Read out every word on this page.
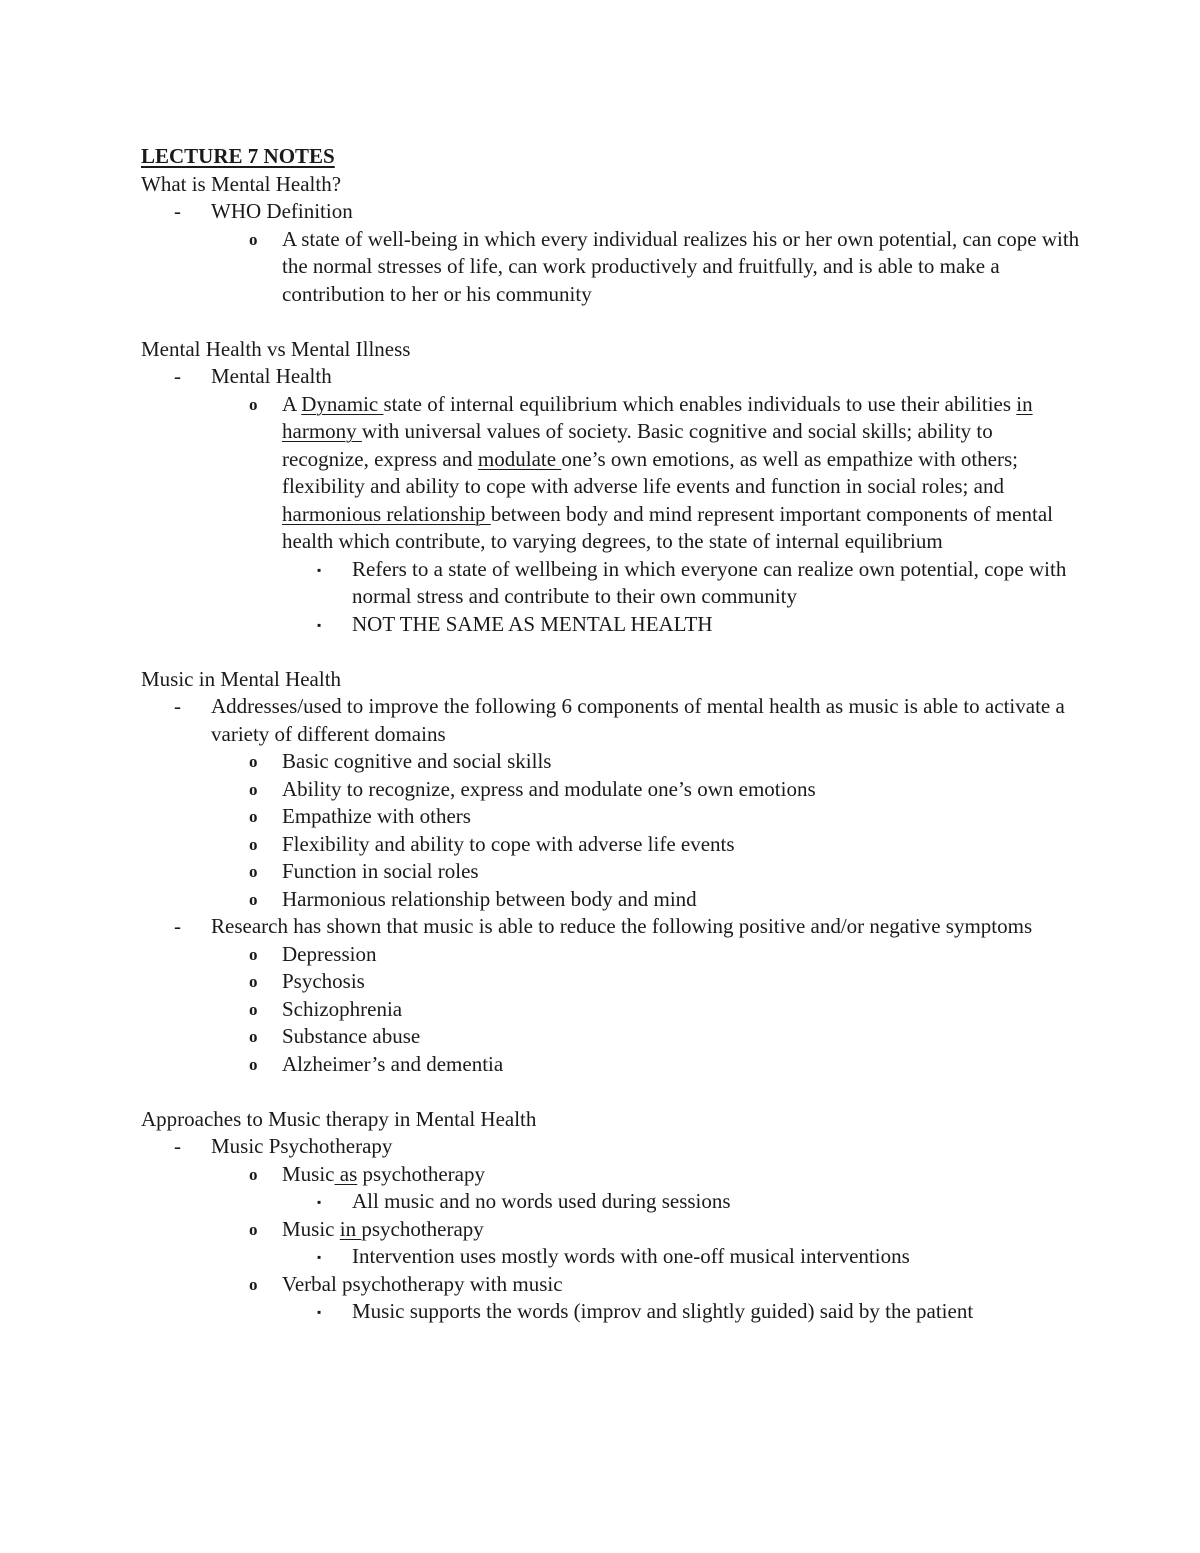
LECTURE 7 NOTES

What is Mental Health?

- WHO Definition
o A state of well-being in which every individual realizes his or her own potential, can cope with the normal stresses of life, can work productively and fruitfully, and is able to make a contribution to her or his community

Mental Health vs Mental Illness

- Mental Health
o A Dynamic state of internal equilibrium which enables individuals to use their abilities in harmony with universal values of society. Basic cognitive and social skills; ability to recognize, express and modulate one’s own emotions, as well as empathize with others; flexibility and ability to cope with adverse life events and function in social roles; and harmonious relationship between body and mind represent important components of mental health which contribute, to varying degrees, to the state of internal equilibrium
▪ Refers to a state of wellbeing in which everyone can realize own potential, cope with normal stress and contribute to their own community
▪ NOT THE SAME AS MENTAL HEALTH

Music in Mental Health

- Addresses/used to improve the following 6 components of mental health as music is able to activate a variety of different domains
o Basic cognitive and social skills
o Ability to recognize, express and modulate one’s own emotions
o Empathize with others
o Flexibility and ability to cope with adverse life events
o Function in social roles
o Harmonious relationship between body and mind
- Research has shown that music is able to reduce the following positive and/or negative symptoms
o Depression
o Psychosis
o Schizophrenia
o Substance abuse
o Alzheimer’s and dementia

Approaches to Music therapy in Mental Health

- Music Psychotherapy
o Music as psychotherapy
▪ All music and no words used during sessions
o Music in psychotherapy
▪ Intervention uses mostly words with one-off musical interventions
o Verbal psychotherapy with music
▪ Music supports the words (improv and slightly guided) said by the patient
